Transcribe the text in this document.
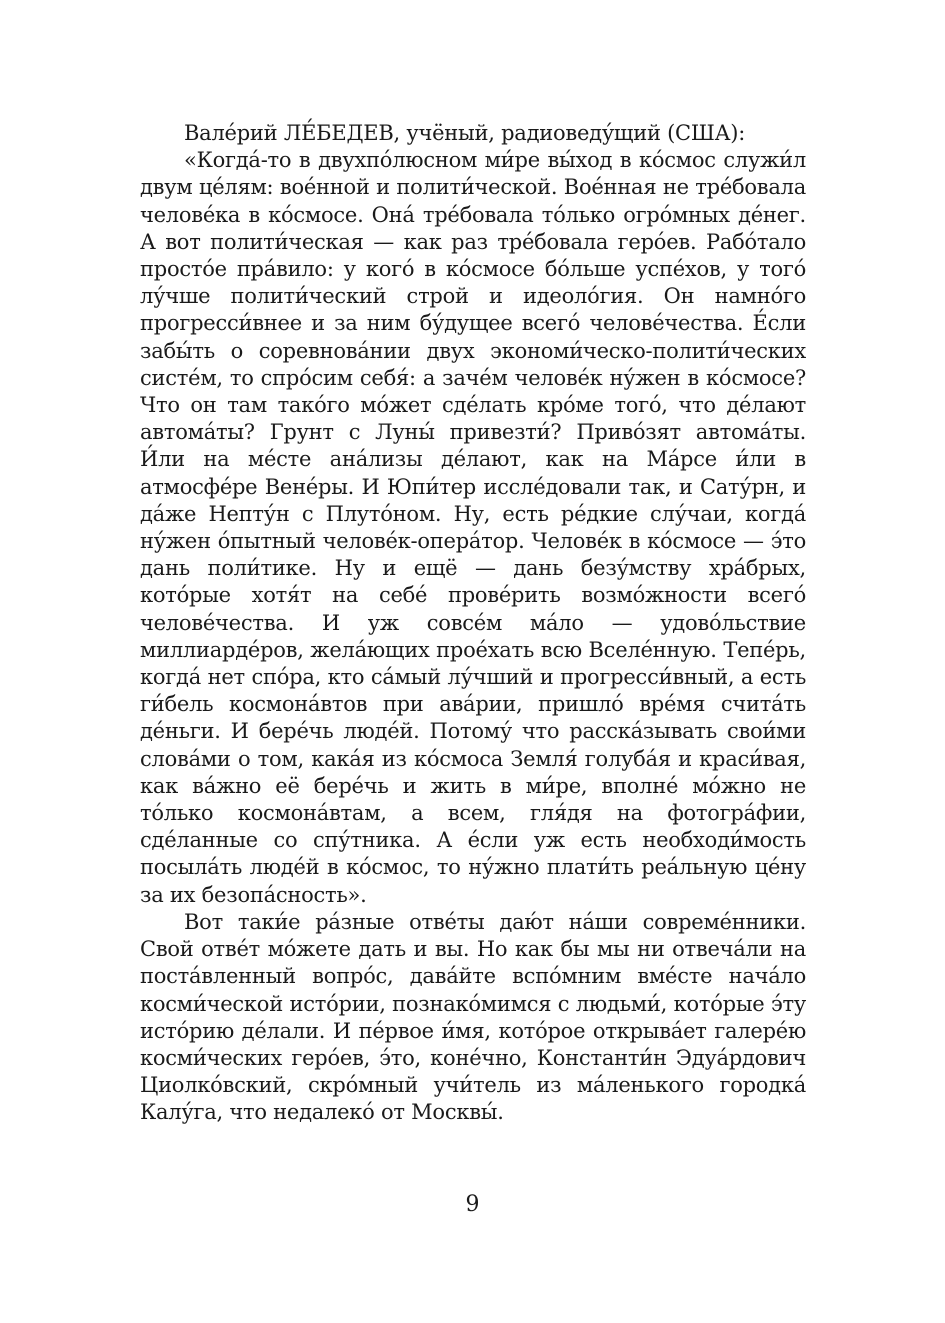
Вале́рий ЛЕ́БЕДЕВ, учёный, радиоведу́щий (США):

«Когда́-то в двухпо́люсном ми́ре вы́ход в ко́смос служи́л двум це́лям: вое́нной и полити́ческой. Вое́нная не тре́бовала челове́ка в ко́смосе. Она́ тре́бовала то́лько огро́мных де́нег. А вот полити́ческая — как раз тре́бовала геро́ев. Рабо́тало просто́е пра́вило: у кого́ в ко́смосе бо́льше успе́хов, у того́ лу́чше полити́ческий строй и идеоло́гия. Он намно́го прогресси́внее и за ним бу́дущее всего́ челове́чества. Е́сли забы́ть о соревнова́нии двух экономи́ческо-полити́ческих систе́м, то спро́сим себя́: а заче́м челове́к ну́жен в ко́смосе? Что он там тако́го мо́жет сде́лать кро́ме того́, что де́лают автома́ты? Грунт с Луны́ привезти́? Приво́зят автома́ты. И́ли на ме́сте ана́лизы де́лают, как на Ма́рсе и́ли в атмосфе́ре Вене́ры. И Юпи́тер иссле́довали так, и Сату́рн, и да́же Непту́н с Плуто́ном. Ну, есть ре́дкие слу́чаи, когда́ ну́жен о́пытный челове́к-опера́тор. Челове́к в ко́смосе — э́то дань поли́тике. Ну и ещё — дань безу́мству хра́брых, кото́рые хотя́т на себе́ прове́рить возмо́жности всего́ челове́чества. И уж совсе́м ма́ло — удово́льствие миллиарде́ров, жела́ющих прое́хать всю Вселе́нную. Тепе́рь, когда́ нет спо́ра, кто са́мый лу́чший и прогресси́вный, а есть ги́бель космона́втов при ава́рии, пришло́ вре́мя счита́ть де́ньги. И бере́чь люде́й. Потому́ что расска́зывать свои́ми слова́ми о том, кака́я из ко́смоса Земля́ голуба́я и краси́вая, как ва́жно её бере́чь и жить в ми́ре, вполне́ мо́жно не то́лько космона́втам, а всем, гля́дя на фотогра́фии, сде́ланные со спу́тника. А е́сли уж есть необходи́мость посыла́ть люде́й в ко́смос, то ну́жно плати́ть реа́льную це́ну за их безопа́сность».

Вот таки́е ра́зные отве́ты даю́т на́ши совреме́нники. Свой отве́т мо́жете дать и вы. Но как бы мы ни отвеча́ли на поста́вленный вопро́с, дава́йте вспо́мним вме́сте нача́ло косми́ческой исто́рии, познако́мимся с людьми́, кото́рые э́ту исто́рию де́лали. И пе́рвое и́мя, кото́рое открыва́ет галере́ю косми́ческих геро́ев, э́то, коне́чно, Константи́н Эдуа́рдович Циолко́вский, скро́мный учи́тель из ма́ленького городка́ Калу́га, что недалеко́ от Москвы́.

9
